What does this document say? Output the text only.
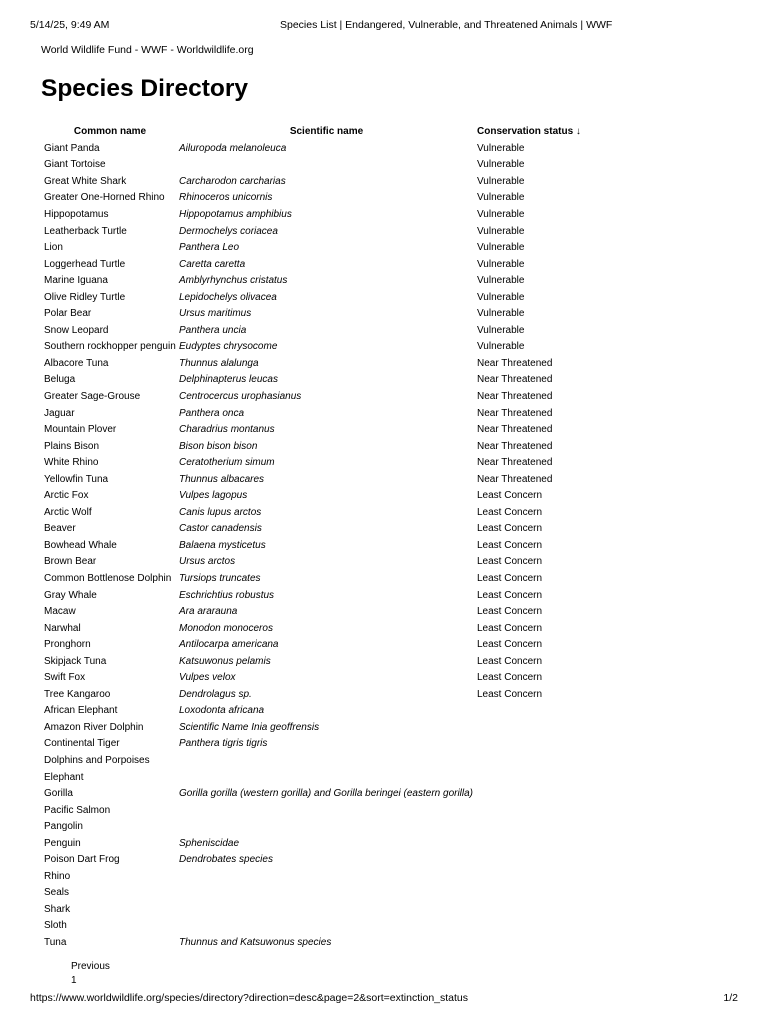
5/14/25, 9:49 AM	Species List | Endangered, Vulnerable, and Threatened Animals | WWF
World Wildlife Fund - WWF - Worldwildlife.org
Species Directory
Common name	Scientific name	Conservation status ↓
Giant Panda	Ailuropoda melanoleuca	Vulnerable
Giant Tortoise		Vulnerable
Great White Shark	Carcharodon carcharias	Vulnerable
Greater One-Horned Rhino	Rhinoceros unicornis	Vulnerable
Hippopotamus	Hippopotamus amphibius	Vulnerable
Leatherback Turtle	Dermochelys coriacea	Vulnerable
Lion	Panthera Leo	Vulnerable
Loggerhead Turtle	Caretta caretta	Vulnerable
Marine Iguana	Amblyrhynchus cristatus	Vulnerable
Olive Ridley Turtle	Lepidochelys olivacea	Vulnerable
Polar Bear	Ursus maritimus	Vulnerable
Snow Leopard	Panthera uncia	Vulnerable
Southern rockhopper penguin	Eudyptes chrysocome	Vulnerable
Albacore Tuna	Thunnus alalunga	Near Threatened
Beluga	Delphinapterus leucas	Near Threatened
Greater Sage-Grouse	Centrocercus urophasianus	Near Threatened
Jaguar	Panthera onca	Near Threatened
Mountain Plover	Charadrius montanus	Near Threatened
Plains Bison	Bison bison bison	Near Threatened
White Rhino	Ceratotherium simum	Near Threatened
Yellowfin Tuna	Thunnus albacares	Near Threatened
Arctic Fox	Vulpes lagopus	Least Concern
Arctic Wolf	Canis lupus arctos	Least Concern
Beaver	Castor canadensis	Least Concern
Bowhead Whale	Balaena mysticetus	Least Concern
Brown Bear	Ursus arctos	Least Concern
Common Bottlenose Dolphin	Tursiops truncates	Least Concern
Gray Whale	Eschrichtius robustus	Least Concern
Macaw	Ara ararauna	Least Concern
Narwhal	Monodon monoceros	Least Concern
Pronghorn	Antilocarpa americana	Least Concern
Skipjack Tuna	Katsuwonus pelamis	Least Concern
Swift Fox	Vulpes velox	Least Concern
Tree Kangaroo	Dendrolagus sp.	Least Concern
African Elephant	Loxodonta africana	
Amazon River Dolphin	Scientific Name Inia geoffrensis	
Continental Tiger	Panthera tigris tigris	
Dolphins and Porpoises		
Elephant		
Gorilla	Gorilla gorilla (western gorilla) and Gorilla beringei (eastern gorilla)	
Pacific Salmon		
Pangolin		
Penguin	Spheniscidae	
Poison Dart Frog	Dendrobates species	
Rhino		
Seals		
Shark		
Sloth		
Tuna	Thunnus and Katsuwonus species	
Previous
1
https://www.worldwildlife.org/species/directory?direction=desc&page=2&sort=extinction_status	1/2
